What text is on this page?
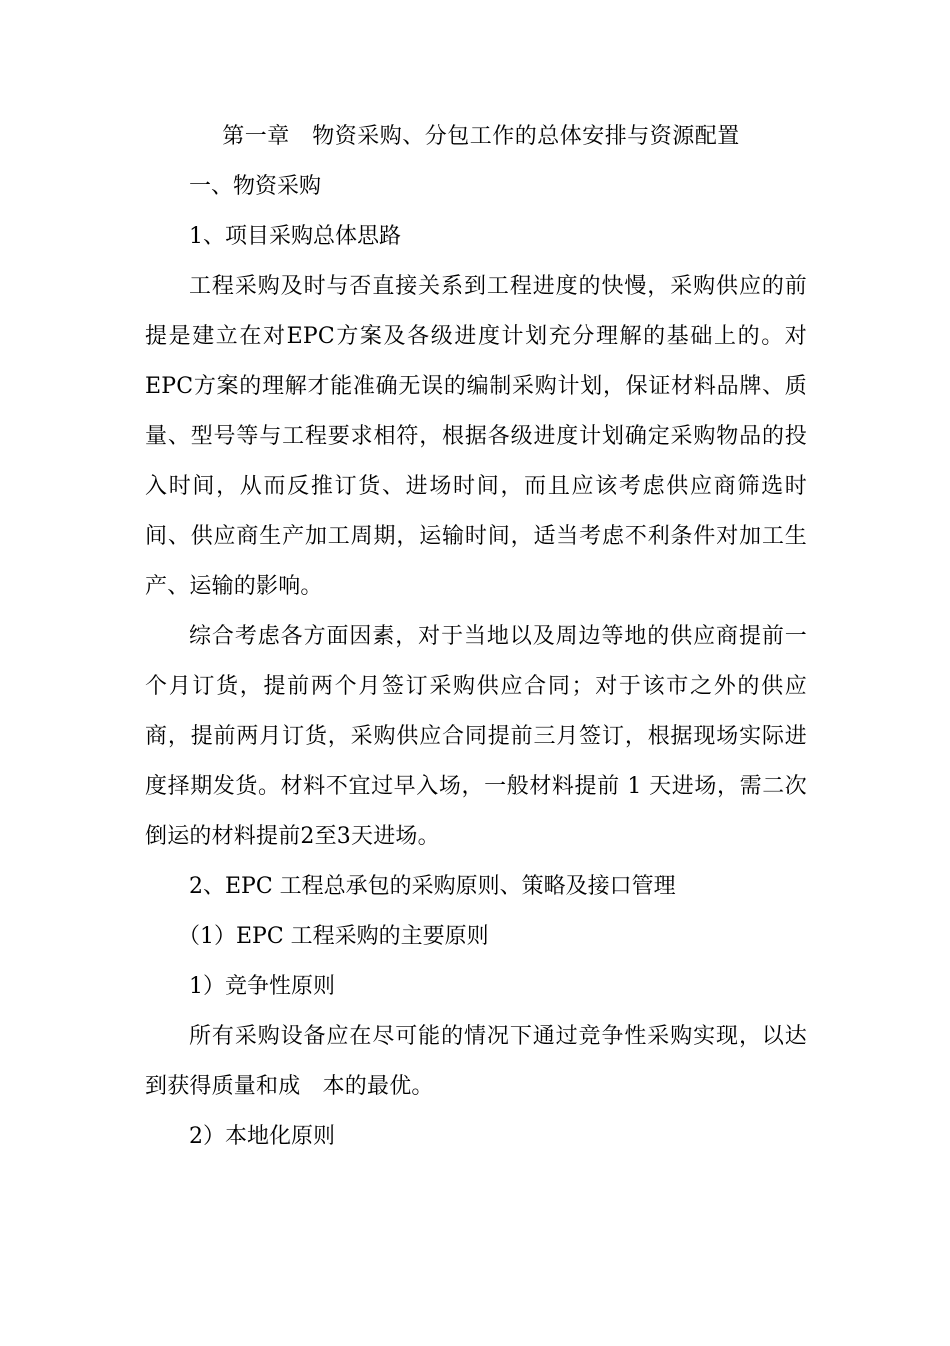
第一章　物资采购、分包工作的总体安排与资源配置

一、物资采购

1、项目采购总体思路

工程采购及时与否直接关系到工程进度的快慢，采购供应的前提是建立在对EPC方案及各级进度计划充分理解的基础上的。对EPC方案的理解才能准确无误的编制采购计划，保证材料品牌、质量、型号等与工程要求相符，根据各级进度计划确定采购物品的投入时间，从而反推订货、进场时间，而且应该考虑供应商筛选时间、供应商生产加工周期，运输时间，适当考虑不利条件对加工生产、运输的影响。

综合考虑各方面因素，对于当地以及周边等地的供应商提前一个月订货，提前两个月签订采购供应合同；对于该市之外的供应商，提前两月订货，采购供应合同提前三月签订，根据现场实际进度择期发货。材料不宜过早入场，一般材料提前 1 天进场，需二次倒运的材料提前2至3天进场。

2、EPC 工程总承包的采购原则、策略及接口管理

（1）EPC 工程采购的主要原则

1）竞争性原则

所有采购设备应在尽可能的情况下通过竞争性采购实现，以达到获得质量和成　本的最优。

2）本地化原则
